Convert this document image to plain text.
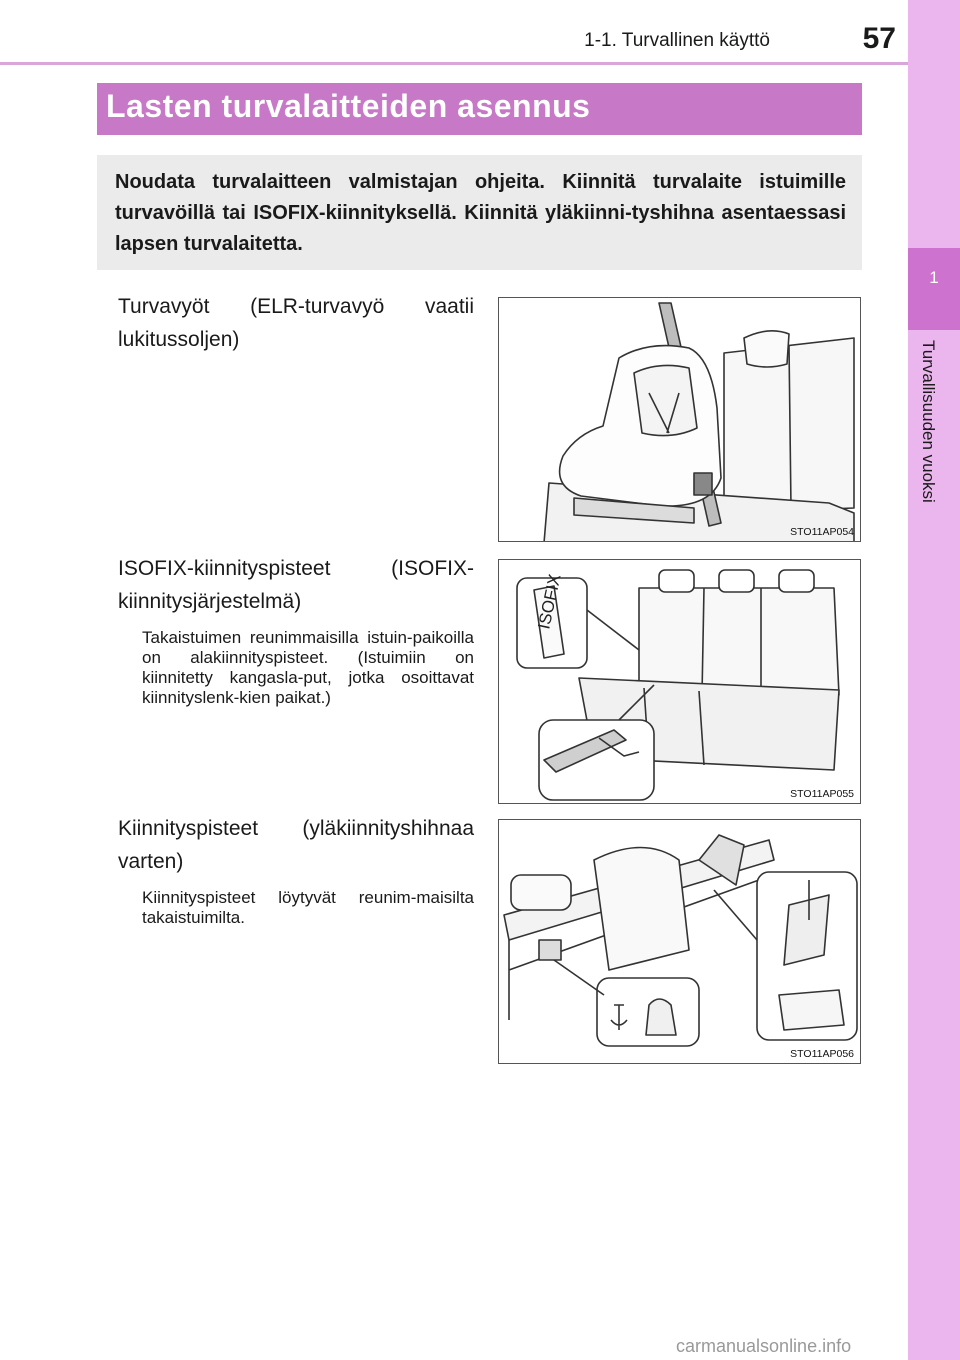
1-1. Turvallinen käyttö	57
1
Turvallisuuden vuoksi
Lasten turvalaitteiden asennus
Noudata turvalaitteen valmistajan ohjeita. Kiinnitä turvalaite istuimille turvavöillä tai ISOFIX-kiinnityksellä. Kiinnitä yläkiinni-tyshihna asentaessasi lapsen turvalaitetta.
Turvavyöt (ELR-turvavyö vaatii lukitussoljen)
STO11AP054
ISOFIX-kiinnityspisteet (ISOFIX-kiinnitysjärjestelmä)
Takaistuimen reunimmaisilla istuin-paikoilla on alakiinnityspisteet. (Istuimiin on kiinnitetty kangasla-put, jotka osoittavat kiinnityslenk-kien paikat.)
ISOFIX
STO11AP055
Kiinnityspisteet (yläkiinnityshihnaa varten)
Kiinnityspisteet löytyvät reunim-maisilta takaistuimilta.
STO11AP056
carmanualsonline.info
